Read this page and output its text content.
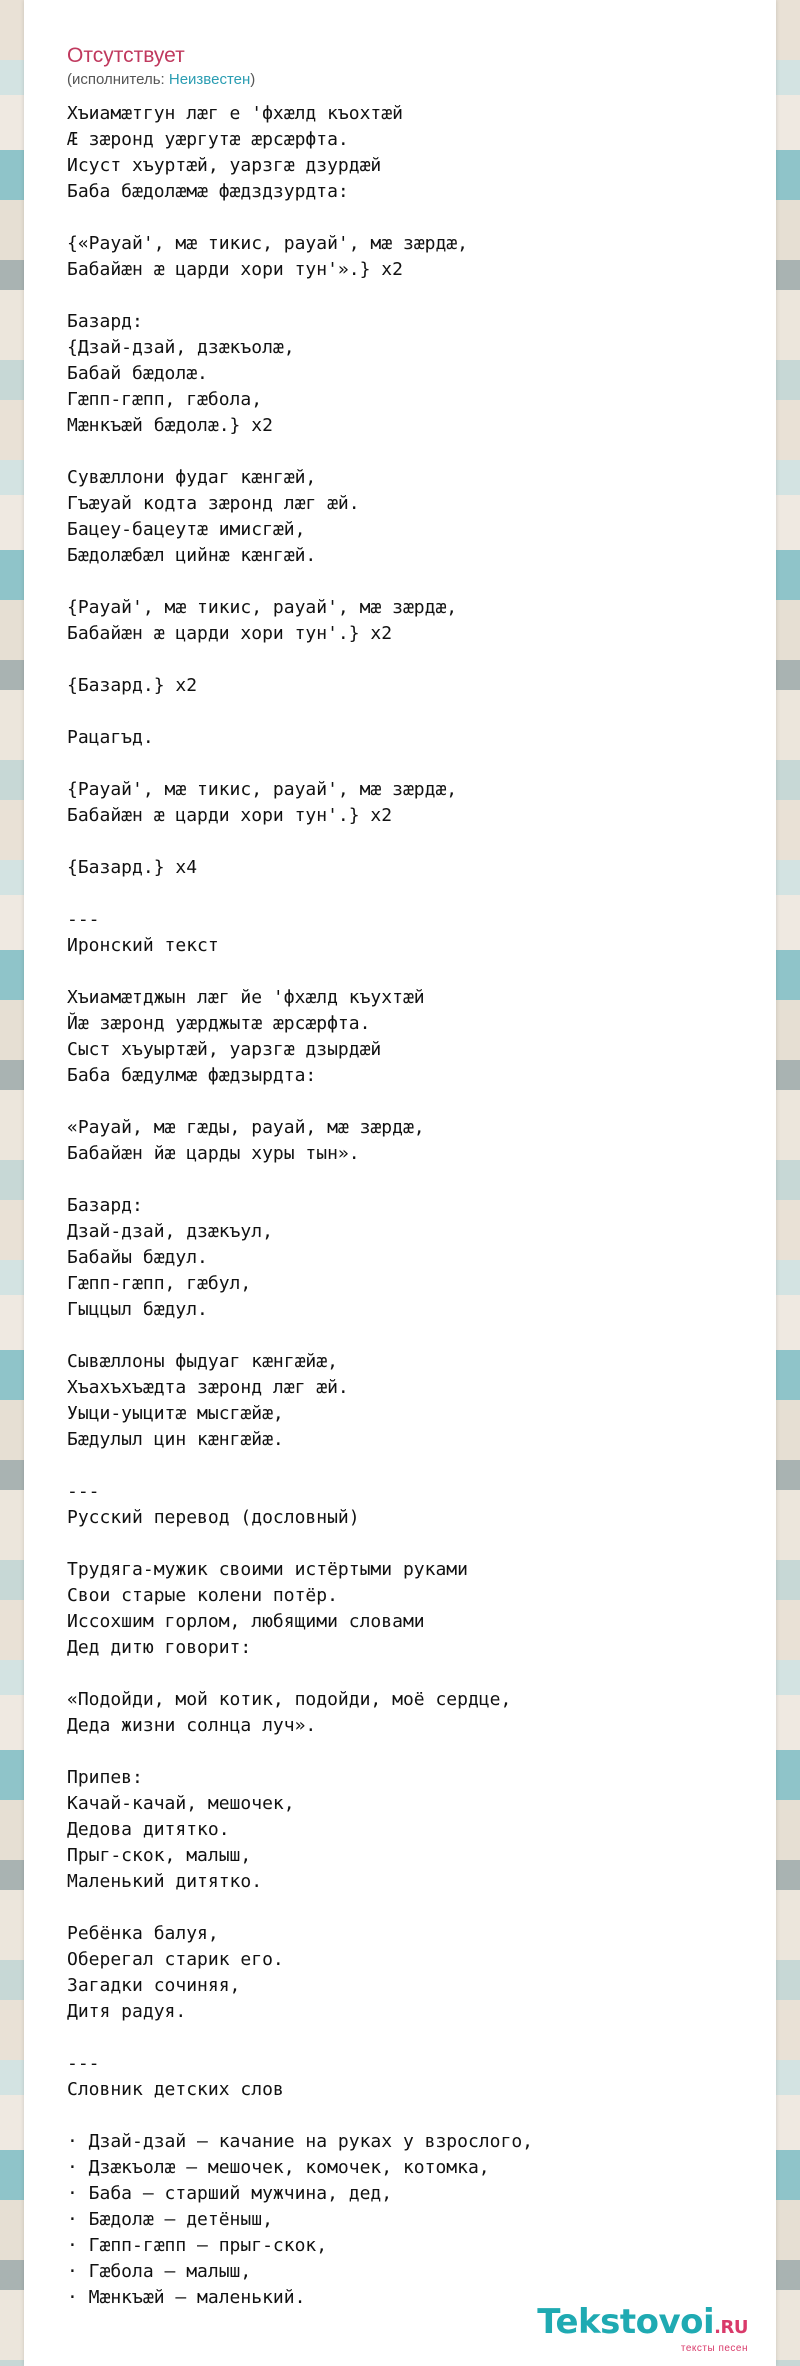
Отсутствует
(исполнитель: Неизвестен)
Хъиамæтгун лæг е 'фхæлд къохтæй
Æ зæронд уæргутæ æрсæрфта.
Исуст хъуртæй, уарзгæ дзурдæй
Баба бæдолæмæ фæдздзурдта:

{«Рауай', мæ тикис, рауай', мæ зæрдæ,
Бабайæн æ царди хори тун'».} х2

Базард:
{Дзай-дзай, дзæкъолæ,
Бабай бæдолæ.
Гæпп-гæпп, гæбола,
Мæнкъæй бæдолæ.} х2

Сувæллони фудаг кæнгæй,
Гъæуай кодта зæронд лæг æй.
Бацеу-бацеутæ имисгæй,
Бæдолæбæл цийнæ кæнгæй.

{Рауай', мæ тикис, рауай', мæ зæрдæ,
Бабайæн æ царди хори тун'.} х2

{Базард.} х2

Рацагъд.

{Рауай', мæ тикис, рауай', мæ зæрдæ,
Бабайæн æ царди хори тун'.} х2

{Базард.} х4

---
Иронский текст

Хъиамæтджын лæг йе 'фхæлд къухтæй
Йæ зæронд уæрджытæ æрсæрфта.
Сыст хъуыртæй, уарзгæ дзырдæй
Баба бæдулмæ фæдзырдта:

«Рауай, мæ гæды, рауай, мæ зæрдæ,
Бабайæн йæ царды хуры тын».

Базард:
Дзай-дзай, дзæкъул,
Бабайы бæдул.
Гæпп-гæпп, гæбул,
Гыццыл бæдул.

Сывæллоны фыдуаг кæнгæйæ,
Хъахъхъæдта зæронд лæг æй.
Уыци-уыцитæ мысгæйæ,
Бæдулыл цин кæнгæйæ.

---
Русский перевод (дословный)

Трудяга-мужик своими истёртыми руками
Свои старые колени потёр.
Иссохшим горлом, любящими словами
Дед дитю говорит:

«Подойди, мой котик, подойди, моё сердце,
Деда жизни солнца луч».

Припев:
Качай-качай, мешочек,
Дедова дитятко.
Прыг-скок, малыш,
Маленький дитятко.

Ребёнка балуя,
Оберегал старик его.
Загадки сочиняя,
Дитя радуя.

---
Словник детских слов

· Дзай-дзай — качание на руках у взрослого,
· Дзæкъолæ — мешочек, комочек, котомка,
· Баба — старший мужчина, дед,
· Бæдолæ — детёныш,
· Гæпп-гæпп — прыг-скок,
· Гæбола — малыш,
· Мæнкъæй — маленький.
Tekstovoi.RU
тексты песен
